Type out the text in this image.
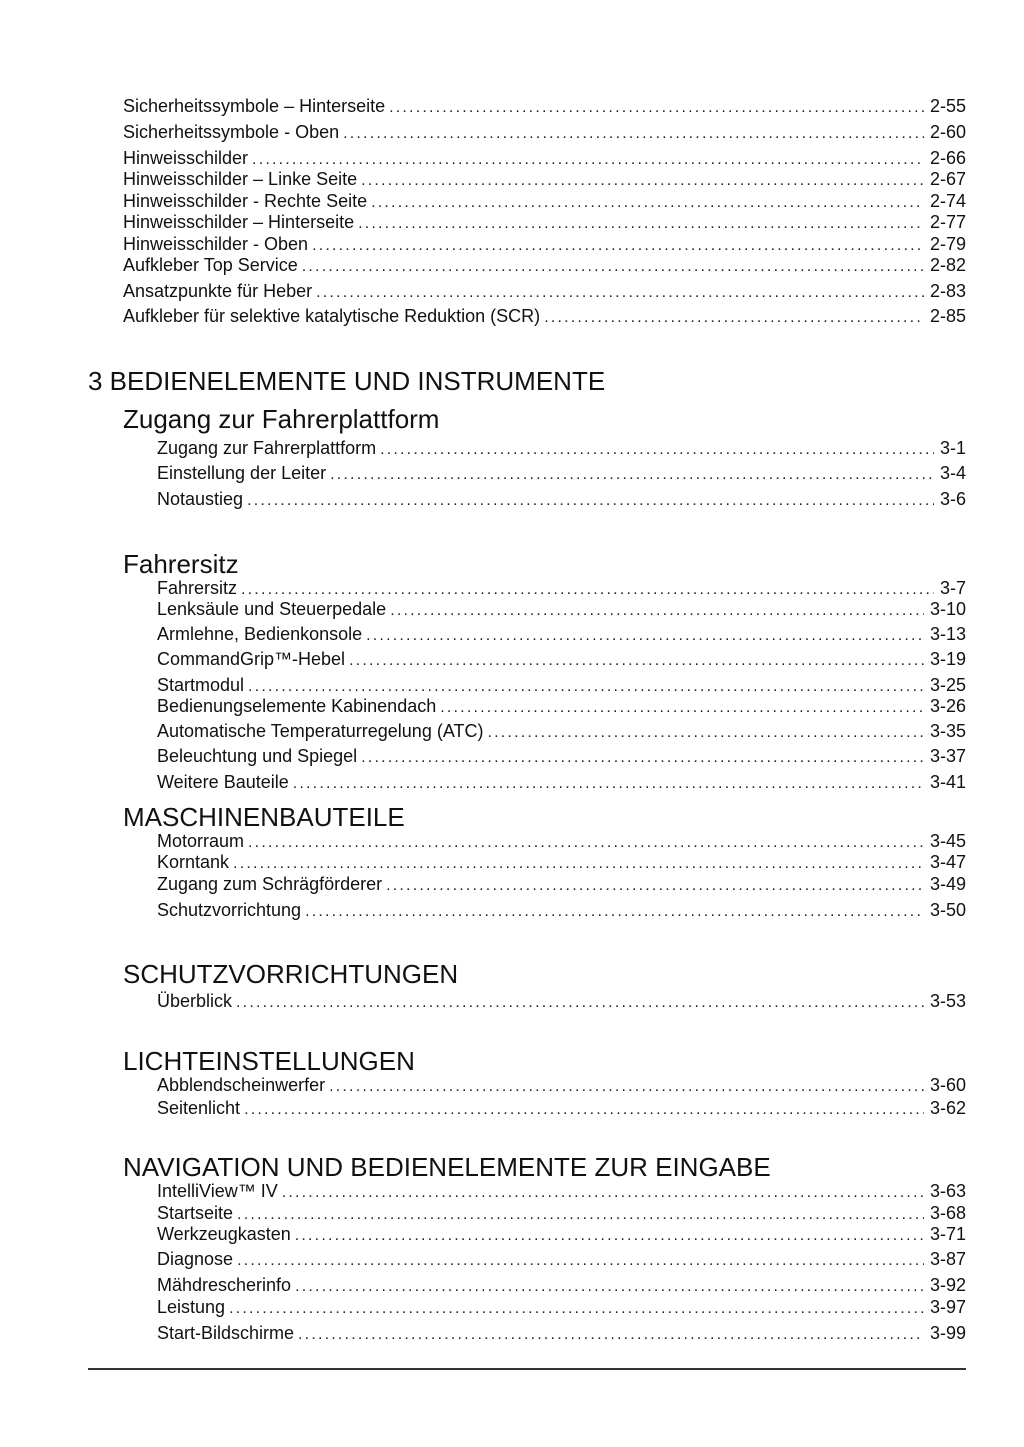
Sicherheitssymbole – Hinterseite .....	2-55
Sicherheitssymbole - Oben .....	2-60
Hinweisschilder .....	2-66
Hinweisschilder – Linke Seite .....	2-67
Hinweisschilder - Rechte Seite .....	2-74
Hinweisschilder – Hinterseite .....	2-77
Hinweisschilder - Oben .....	2-79
Aufkleber Top Service .....	2-82
Ansatzpunkte für Heber .....	2-83
Aufkleber für selektive katalytische Reduktion (SCR) .....	2-85
3 BEDIENELEMENTE UND INSTRUMENTE
Zugang zur Fahrerplattform
Zugang zur Fahrerplattform .....	3-1
Einstellung der Leiter .....	3-4
Notaustieg .....	3-6
Fahrersitz
Fahrersitz .....	3-7
Lenksäule und Steuerpedale .....	3-10
Armlehne, Bedienkonsole .....	3-13
CommandGrip™-Hebel .....	3-19
Startmodul .....	3-25
Bedienungselemente Kabinendach .....	3-26
Automatische Temperaturregelung (ATC) .....	3-35
Beleuchtung und Spiegel .....	3-37
Weitere Bauteile .....	3-41
MASCHINENBAUTEILE
Motorraum .....	3-45
Korntank .....	3-47
Zugang zum Schrägförderer .....	3-49
Schutzvorrichtung .....	3-50
SCHUTZVORRICHTUNGEN
Überblick .....	3-53
LICHTEINSTELLUNGEN
Abblendscheinwerfer .....	3-60
Seitenlicht .....	3-62
NAVIGATION UND BEDIENELEMENTE ZUR EINGABE
IntelliView™ IV .....	3-63
Startseite .....	3-68
Werkzeugkasten .....	3-71
Diagnose .....	3-87
Mähdrescherinfo .....	3-92
Leistung .....	3-97
Start-Bildschirme .....	3-99
